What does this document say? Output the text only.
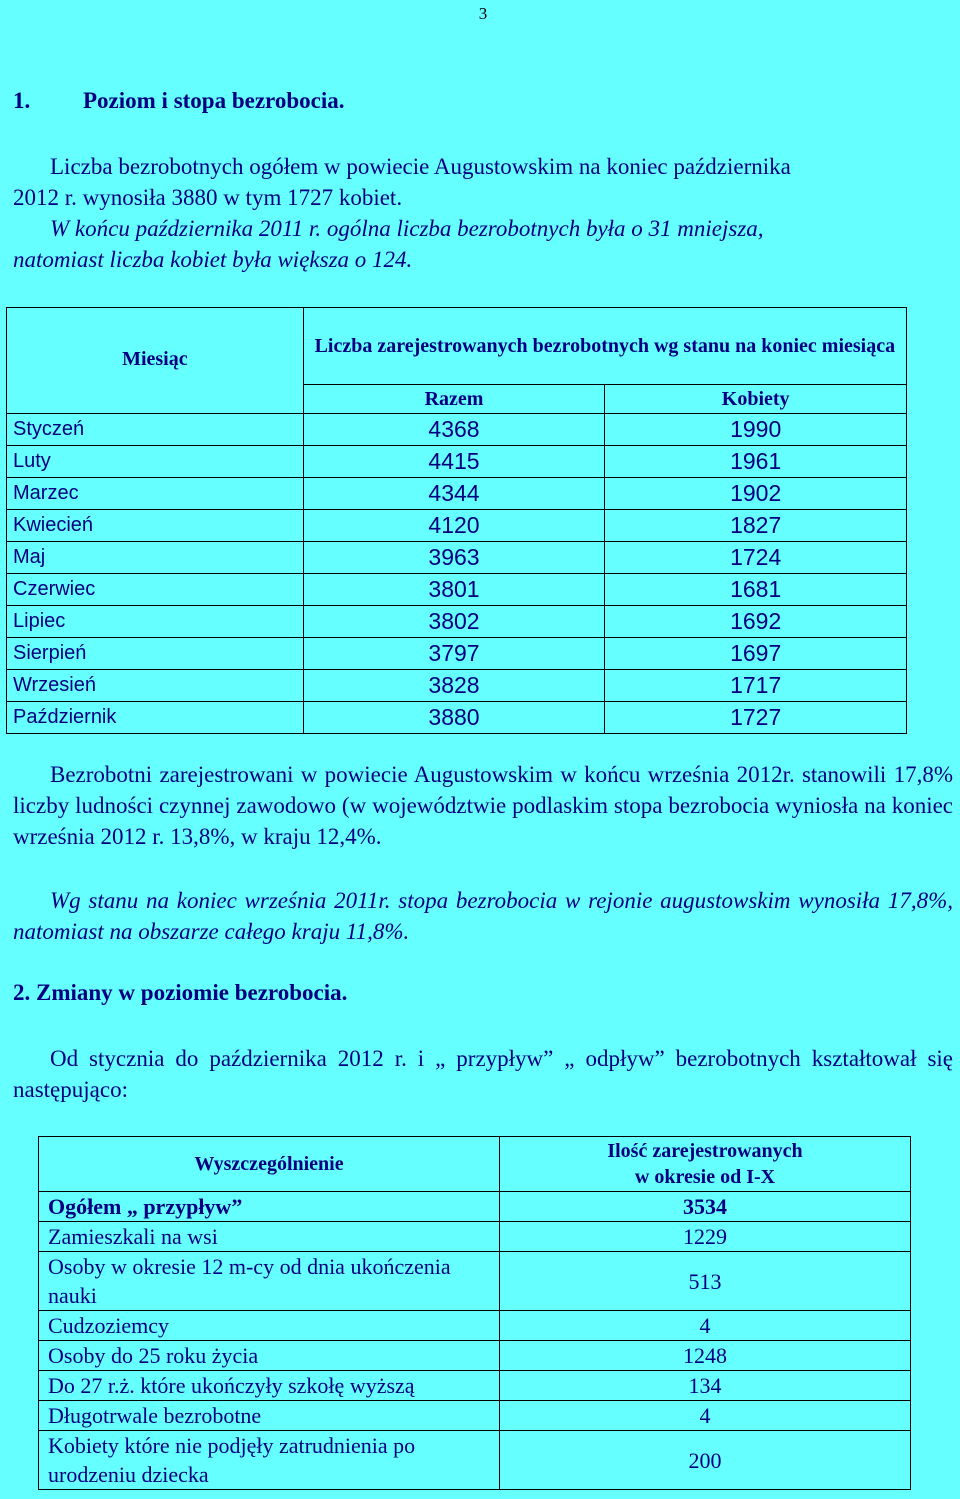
3
1. Poziom i stopa bezrobocia.
Liczba bezrobotnych ogółem w powiecie Augustowskim na koniec października
2012 r. wynosiła 3880 w tym 1727 kobiet.
W końcu października 2011 r. ogólna liczba bezrobotnych była o 31 mniejsza,
natomiast liczba kobiet była większa o 124.
Miesiąc	Liczba zarejestrowanych bezrobotnych wg stanu na koniec miesiąca	
	Razem	Kobiety
Styczeń	4368	1990
Luty	4415	1961
Marzec	4344	1902
Kwiecień	4120	1827
Maj	3963	1724
Czerwiec	3801	1681
Lipiec	3802	1692
Sierpień	3797	1697
Wrzesień	3828	1717
Październik	3880	1727
Bezrobotni zarejestrowani w powiecie Augustowskim w końcu września 2012r. stanowili 17,8% liczby ludności czynnej zawodowo (w województwie podlaskim stopa bezrobocia wyniosła na koniec września 2012 r. 13,8%, w kraju 12,4%.
Wg stanu na koniec września 2011r. stopa bezrobocia w rejonie augustowskim wynosiła 17,8%, natomiast na obszarze całego kraju 11,8%.
2. Zmiany w poziomie bezrobocia.
Od stycznia do października 2012 r. i „ przypływ” „ odpływ” bezrobotnych kształtował się następująco:
Wyszczególnienie	Ilość zarejestrowanych
w okresie od I-X

Ogółem „ przypływ”	3534
Zamieszkali na wsi	1229
Osoby w okresie 12 m-cy od dnia ukończenia nauki	513
Cudzoziemcy	4
Osoby do 25 roku życia	1248
Do 27 r.ż. które ukończyły szkołę wyższą	134
Długotrwale bezrobotne	4
Kobiety które nie podjęły zatrudnienia po urodzeniu dziecka	200
